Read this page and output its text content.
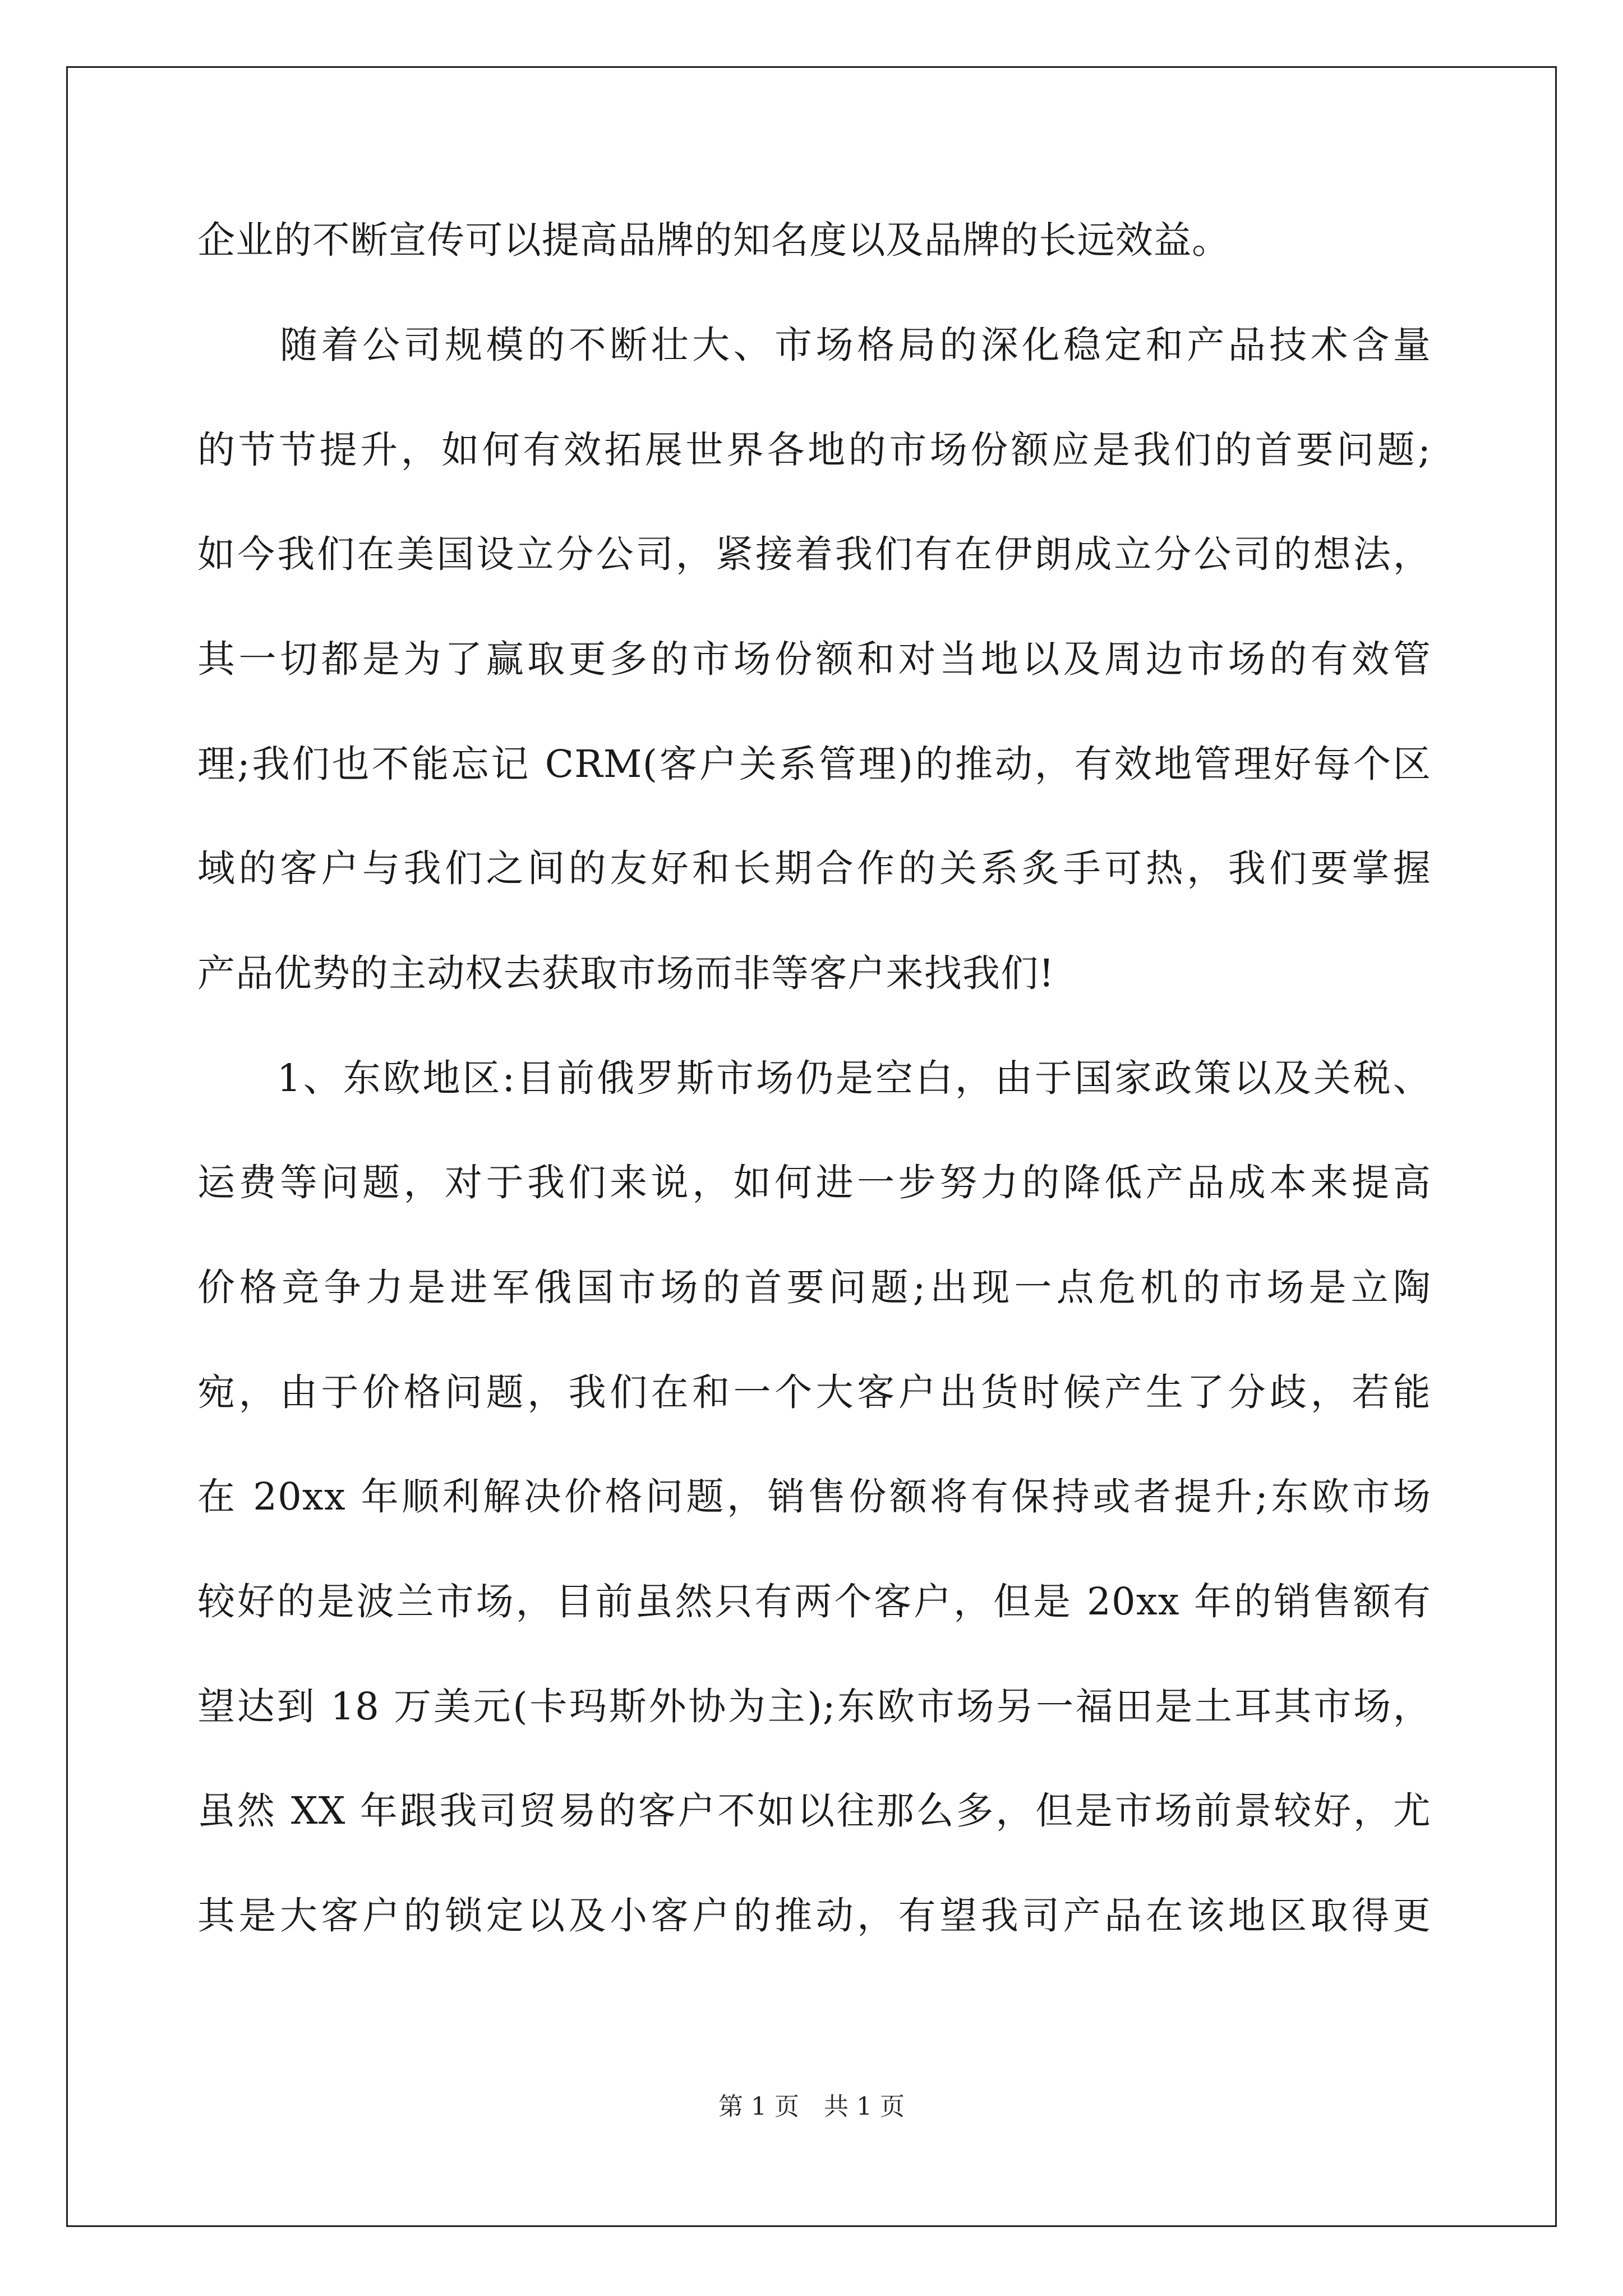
企业的不断宣传可以提高品牌的知名度以及品牌的长远效益。
　　随着公司规模的不断壮大、市场格局的深化稳定和产品技术含量
的节节提升，如何有效拓展世界各地的市场份额应是我们的首要问题;
如今我们在美国设立分公司，紧接着我们有在伊朗成立分公司的想法，
其一切都是为了赢取更多的市场份额和对当地以及周边市场的有效管
理;我们也不能忘记 CRM(客户关系管理)的推动，有效地管理好每个区
域的客户与我们之间的友好和长期合作的关系炙手可热，我们要掌握
产品优势的主动权去获取市场而非等客户来找我们!
　　1、东欧地区:目前俄罗斯市场仍是空白，由于国家政策以及关税、
运费等问题，对于我们来说，如何进一步努力的降低产品成本来提高
价格竞争力是进军俄国市场的首要问题;出现一点危机的市场是立陶
宛，由于价格问题，我们在和一个大客户出货时候产生了分歧，若能
在 20xx 年顺利解决价格问题，销售份额将有保持或者提升;东欧市场
较好的是波兰市场，目前虽然只有两个客户，但是 20xx 年的销售额有
望达到 18 万美元(卡玛斯外协为主);东欧市场另一福田是土耳其市场，
虽然 XX 年跟我司贸易的客户不如以往那么多，但是市场前景较好，尤
其是大客户的锁定以及小客户的推动，有望我司产品在该地区取得更
第 1 页　共 1 页
